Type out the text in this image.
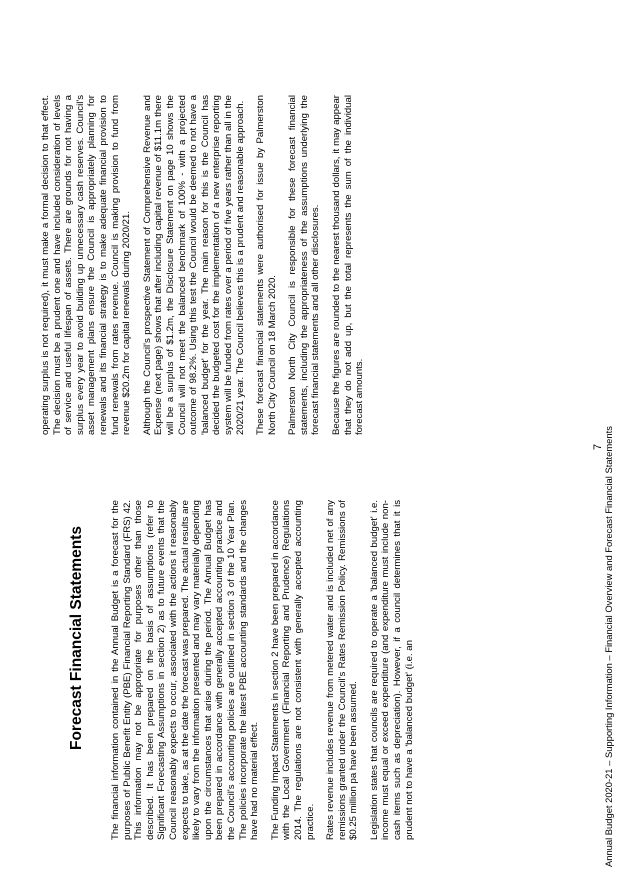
Forecast Financial Statements	The financial information contained in the Annual Budget is a forecast for the purposes of Public Benefit Entity (PBE) Financial Reporting Standard (FRS) 42. This information may not be appropriate for purposes other than those described. It has been prepared on the basis of assumptions (refer to Significant Forecasting Assumptions in section 2) as to future events that the Council reasonably expects to occur, associated with the actions it reasonably expects to take, as at the date the forecast was prepared. The actual results are likely to vary from the information presented and may vary materially depending upon the circumstances that arise during the period. The Annual Budget has been prepared in accordance with generally accepted accounting practice and the Council's accounting policies are outlined in section 3 of the 10 Year Plan. The policies incorporate the latest PBE accounting standards and the changes have had no material effect. The Funding Impact Statements in section 2 have been prepared in accordance with the Local Government (Financial Reporting and Prudence) Regulations 2014. The regulations are not consistent with generally accepted accounting practice. Rates revenue includes revenue from metered water and is included net of any remissions granted under the Council's Rates Remission Policy. Remissions of $0.25 million pa have been assumed. Legislation states that councils are required to operate a 'balanced budget' i.e. income must equal or exceed expenditure (and expenditure must include non-cash items such as depreciation). However, if a council determines that it is prudent not to have a 'balanced budget' (i.e. an

operating surplus is not required), it must make a formal decision to that effect. The decision must be a prudent one and have included consideration of levels of service and useful lifespan of assets. There are grounds for not having a surplus every year to avoid building up unnecessary cash reserves. Council's asset management plans ensure the Council is appropriately planning for renewals and its financial strategy is to make adequate financial provision to fund renewals from rates revenue. Council is making provision to fund from revenue $20.2m for capital renewals during 2020/21. Although the Council's prospective Statement of Comprehensive Revenue and Expense (next page) shows that after including capital revenue of $11.1m there will be a surplus of $1.2m, the Disclosure Statement on page 10 shows the Council will not meet the balanced benchmark of 100% - with a projected outcome of 98.2%. Using this test the Council would be deemed to not have a 'balanced budget' for the year. The main reason for this is the Council has decided the budgeted cost for the implementation of a new enterprise reporting system will be funded from rates over a period of five years rather than all in the 2020/21 year. The Council believes this is a prudent and reasonable approach. These forecast financial statements were authorised for issue by Palmerston North City Council on 18 March 2020. Palmerston North City Council is responsible for these forecast financial statements, including the appropriateness of the assumptions underlying the forecast financial statements and all other disclosures. Because the figures are rounded to the nearest thousand dollars, it may appear that they do not add up, but the total represents the sum of the individual forecast amounts.

7 Annual Budget 2020-21 – Supporting Information – Financial Overview and Forecast Financial Statements
